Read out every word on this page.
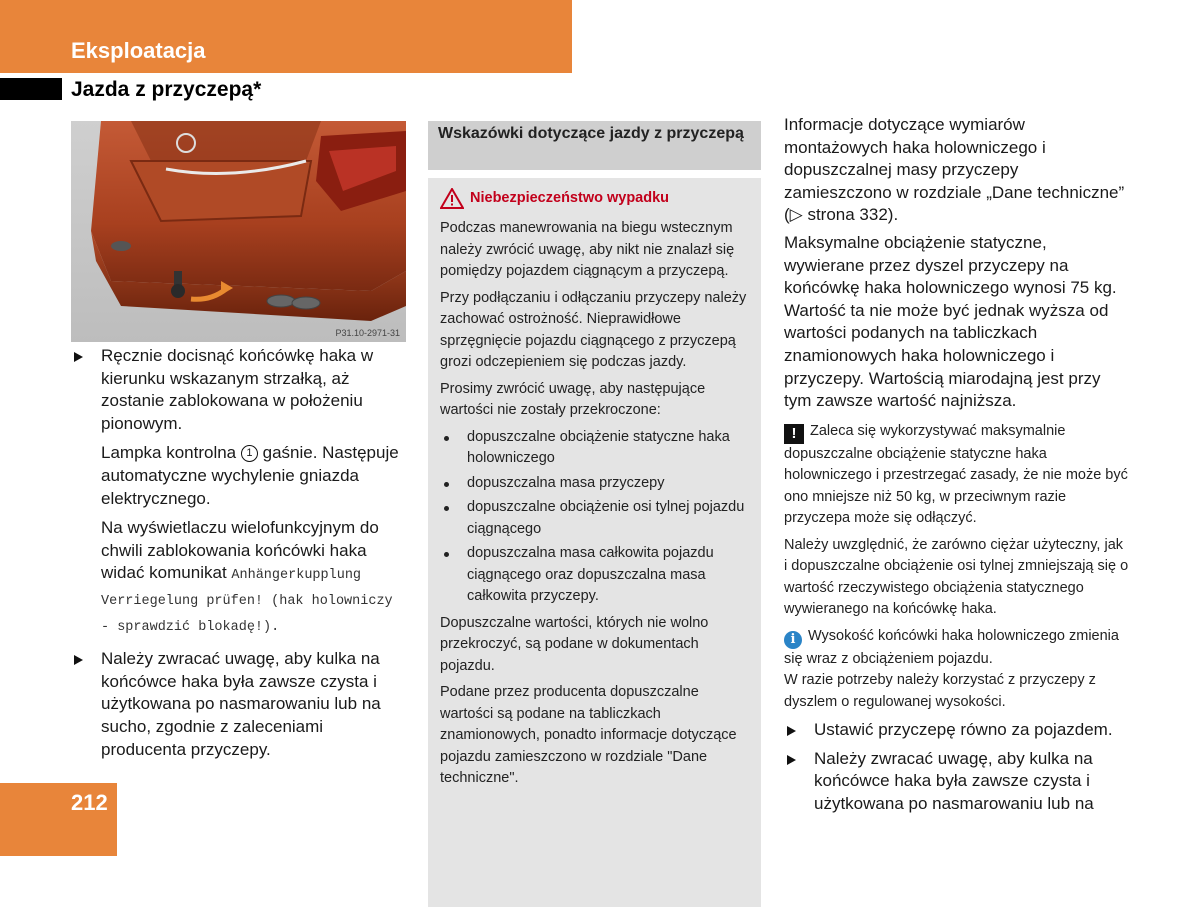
Eksploatacja
Jazda z przyczepą*
P31.10-2971-31

Ręcznie docisnąć końcówkę haka w kierunku wskazanym strzałką, aż zostanie zablokowana w położeniu pionowym.

Lampka kontrolna 1 gaśnie. Następuje automatyczne wychylenie gniazda elektrycznego.

Na wyświetlaczu wielofunkcyjnym do chwili zablokowania końcówki haka widać komunikat Anhängerkupplung Verriegelung prüfen! (hak holowniczy - sprawdzić blokadę!).

Należy zwracać uwagę, aby kulka na końcówce haka była zawsze czysta i użytkowana po nasmarowaniu lub na sucho, zgodnie z zaleceniami producenta przyczepy.

Wskazówki dotyczące jazdy z przyczepą
Niebezpieczeństwo wypadku

Podczas manewrowania na biegu wstecznym należy zwrócić uwagę, aby nikt nie znalazł się pomiędzy pojazdem ciągnącym a przyczepą.

Przy podłączaniu i odłączaniu przyczepy należy zachować ostrożność. Nieprawidłowe sprzęgnięcie pojazdu ciągnącego z przyczepą grozi odczepieniem się podczas jazdy.

Prosimy zwrócić uwagę, aby następujące wartości nie zostały przekroczone:

dopuszczalne obciążenie statyczne haka holowniczego
dopuszczalna masa przyczepy
dopuszczalne obciążenie osi tylnej pojazdu ciągnącego
dopuszczalna masa całkowita pojazdu ciągnącego oraz dopuszczalna masa całkowita przyczepy.

Dopuszczalne wartości, których nie wolno przekroczyć, są podane w dokumentach pojazdu.

Podane przez producenta dopuszczalne wartości są podane na tabliczkach znamionowych, ponadto informacje dotyczące pojazdu zamieszczono w rozdziale "Dane techniczne".

Informacje dotyczące wymiarów montażowych haka holowniczego i dopuszczalnej masy przyczepy zamieszczono w rozdziale „Dane techniczne” (▷ strona 332).

Maksymalne obciążenie statyczne, wywierane przez dyszel przyczepy na końcówkę haka holowniczego wynosi 75 kg. Wartość ta nie może być jednak wyższa od wartości podanych na tabliczkach znamionowych haka holowniczego i przyczepy. Wartością miarodajną jest przy tym zawsze wartość najniższa.

! Zaleca się wykorzystywać maksymalnie dopuszczalne obciążenie statyczne haka holowniczego i przestrzegać zasady, że nie może być ono mniejsze niż 50 kg, w przeciwnym razie przyczepa może się odłączyć.

Należy uwzględnić, że zarówno ciężar użyteczny, jak i dopuszczalne obciążenie osi tylnej zmniejszają się o wartość rzeczywistego obciążenia statycznego wywieranego na końcówkę haka.

i Wysokość końcówki haka holowniczego zmienia się wraz z obciążeniem pojazdu.

W razie potrzeby należy korzystać z przyczepy z dyszlem o regulowanej wysokości.

Ustawić przyczepę równo za pojazdem.

Należy zwracać uwagę, aby kulka na końcówce haka była zawsze czysta i użytkowana po nasmarowaniu lub na

212
